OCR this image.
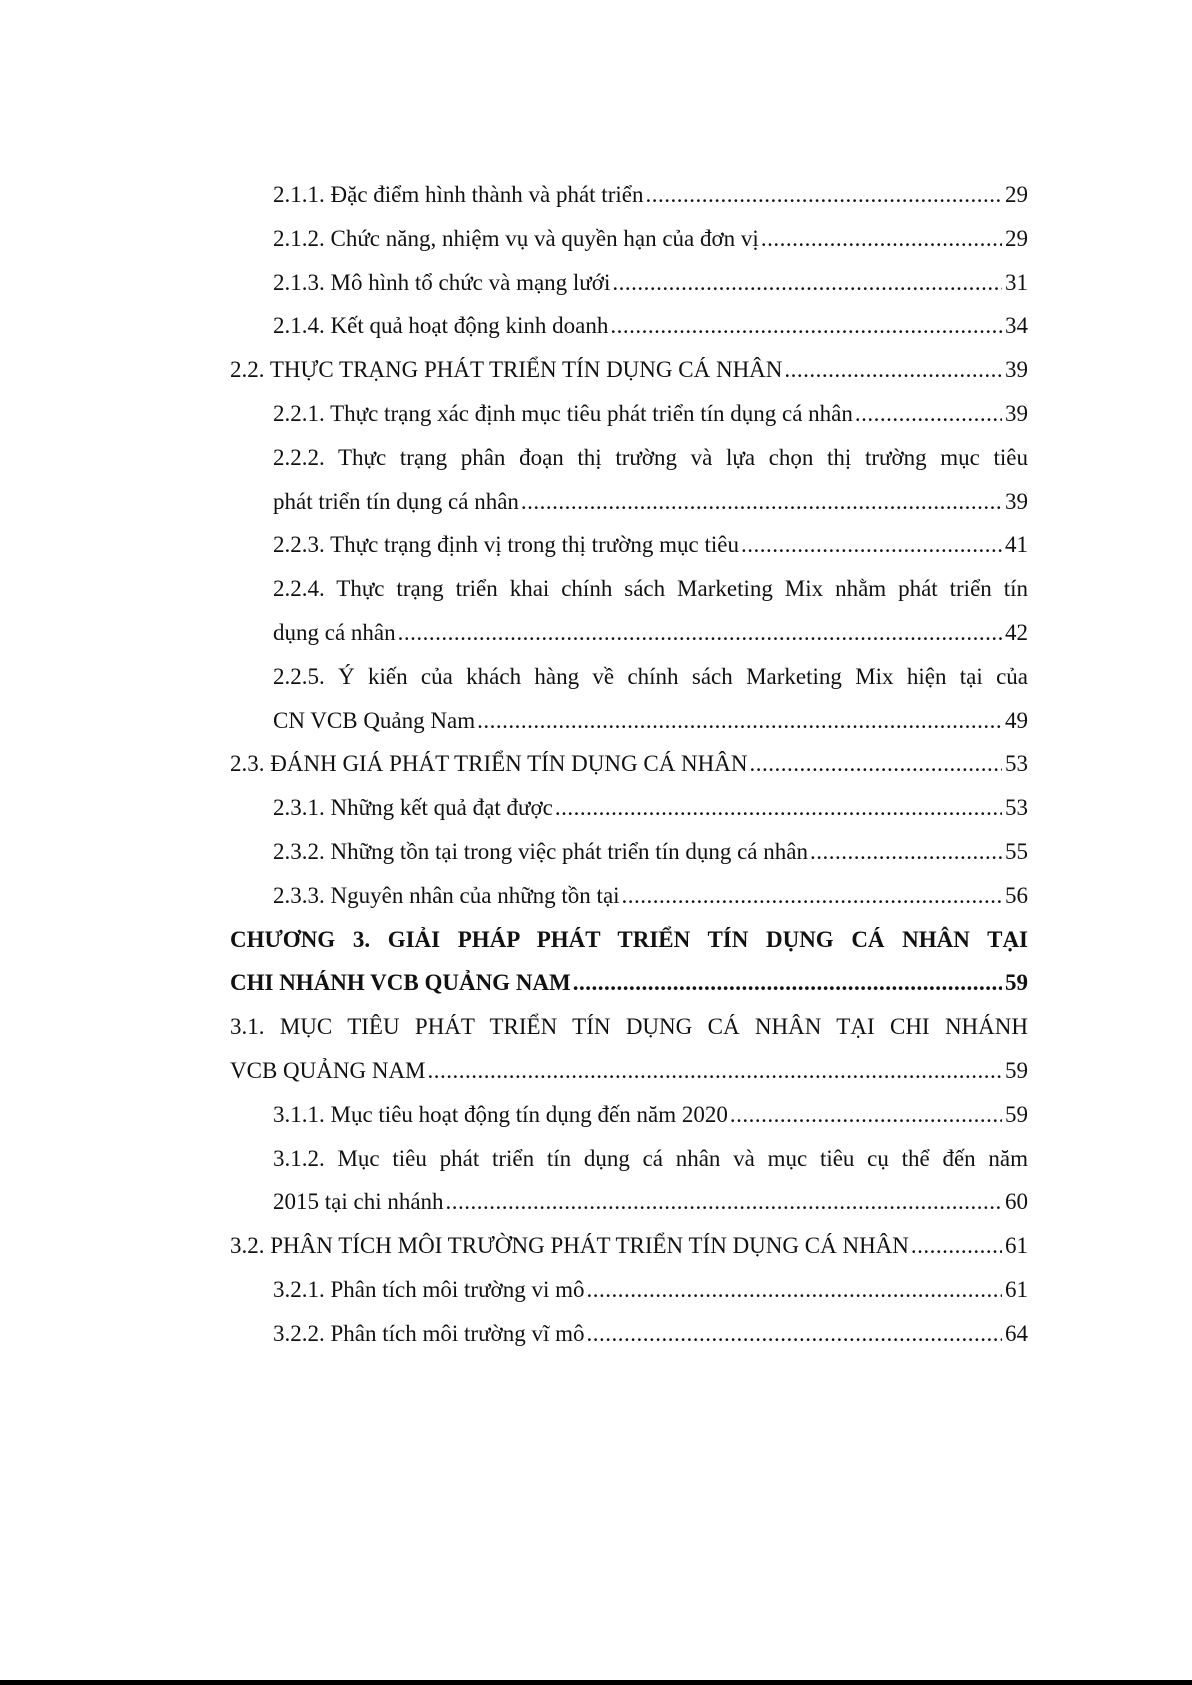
2.1.1. Đặc điểm hình thành và phát triển .....	29
2.1.2. Chức năng, nhiệm vụ và quyền hạn của đơn vị .....	29
2.1.3. Mô hình tổ chức và mạng lưới .....	31
2.1.4. Kết quả hoạt động kinh doanh .....	34
2.2. THỰC TRẠNG PHÁT TRIỂN TÍN DỤNG CÁ NHÂN .....	39
2.2.1. Thực trạng xác định mục tiêu phát triển tín dụng cá nhân .....	39
2.2.2. Thực trạng phân đoạn thị trường và lựa chọn thị trường mục tiêu
phát triển tín dụng cá nhân .....	39
2.2.3. Thực trạng định vị trong thị trường mục tiêu .....	41
2.2.4. Thực trạng triển khai chính sách Marketing Mix nhằm phát triển tín
dụng cá nhân .....	42
2.2.5. Ý kiến của khách hàng về chính sách Marketing Mix hiện tại của
CN VCB Quảng Nam .....	49
2.3. ĐÁNH GIÁ PHÁT TRIỂN TÍN DỤNG CÁ NHÂN .....	53
2.3.1. Những kết quả đạt được .....	53
2.3.2. Những tồn tại trong việc phát triển tín dụng cá nhân .....	55
2.3.3. Nguyên nhân của những tồn tại .....	56
CHƯƠNG 3. GIẢI PHÁP PHÁT TRIỂN TÍN DỤNG CÁ NHÂN TẠI
CHI NHÁNH VCB QUẢNG NAM .....	59
3.1. MỤC TIÊU PHÁT TRIỂN TÍN DỤNG CÁ NHÂN TẠI CHI NHÁNH
VCB QUẢNG NAM .....	59
3.1.1. Mục tiêu hoạt động tín dụng đến năm 2020 .....	59
3.1.2. Mục tiêu phát triển tín dụng cá nhân và mục tiêu cụ thể đến năm
2015 tại chi nhánh .....	60
3.2. PHÂN TÍCH MÔI TRƯỜNG PHÁT TRIỂN TÍN DỤNG CÁ NHÂN .....	61
3.2.1. Phân tích môi trường vi mô .....	61
3.2.2. Phân tích môi trường vĩ mô .....	64
